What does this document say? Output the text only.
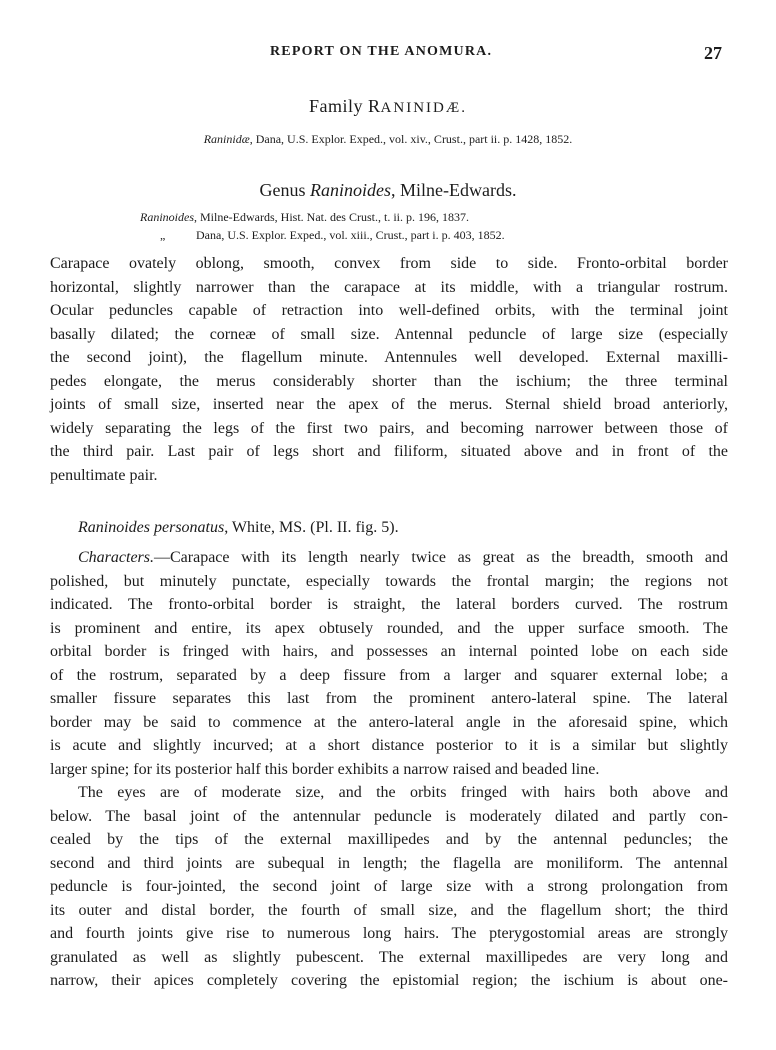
REPORT ON THE ANOMURA.	27
Family RANINIDÆ.
Raninidæ, Dana, U.S. Explor. Exped., vol. xiv., Crust., part ii. p. 1428, 1852.
Genus Raninoides, Milne-Edwards.
Raninoides, Milne-Edwards, Hist. Nat. des Crust., t. ii. p. 196, 1837.
„	Dana, U.S. Explor. Exped., vol. xiii., Crust., part i. p. 403, 1852.
Carapace ovately oblong, smooth, convex from side to side. Fronto-orbital border
horizontal, slightly narrower than the carapace at its middle, with a triangular rostrum.
Ocular peduncles capable of retraction into well-defined orbits, with the terminal joint
basally dilated; the corneæ of small size. Antennal peduncle of large size (especially
the second joint), the flagellum minute. Antennules well developed. External maxilli-
pedes elongate, the merus considerably shorter than the ischium; the three terminal
joints of small size, inserted near the apex of the merus. Sternal shield broad anteriorly,
widely separating the legs of the first two pairs, and becoming narrower between those of
the third pair. Last pair of legs short and filiform, situated above and in front of the
penultimate pair.
Raninoides personatus, White, MS. (Pl. II. fig. 5).
Characters.—Carapace with its length nearly twice as great as the breadth, smooth and
polished, but minutely punctate, especially towards the frontal margin; the regions not
indicated. The fronto-orbital border is straight, the lateral borders curved. The rostrum
is prominent and entire, its apex obtusely rounded, and the upper surface smooth. The
orbital border is fringed with hairs, and possesses an internal pointed lobe on each side
of the rostrum, separated by a deep fissure from a larger and squarer external lobe; a
smaller fissure separates this last from the prominent antero-lateral spine. The lateral
border may be said to commence at the antero-lateral angle in the aforesaid spine, which
is acute and slightly incurved; at a short distance posterior to it is a similar but slightly
larger spine; for its posterior half this border exhibits a narrow raised and beaded line.
The eyes are of moderate size, and the orbits fringed with hairs both above and
below. The basal joint of the antennular peduncle is moderately dilated and partly con-
cealed by the tips of the external maxillipedes and by the antennal peduncles; the
second and third joints are subequal in length; the flagella are moniliform. The antennal
peduncle is four-jointed, the second joint of large size with a strong prolongation from
its outer and distal border, the fourth of small size, and the flagellum short; the third
and fourth joints give rise to numerous long hairs. The pterygostomial areas are strongly
granulated as well as slightly pubescent. The external maxillipedes are very long and
narrow, their apices completely covering the epistomial region; the ischium is about one-
